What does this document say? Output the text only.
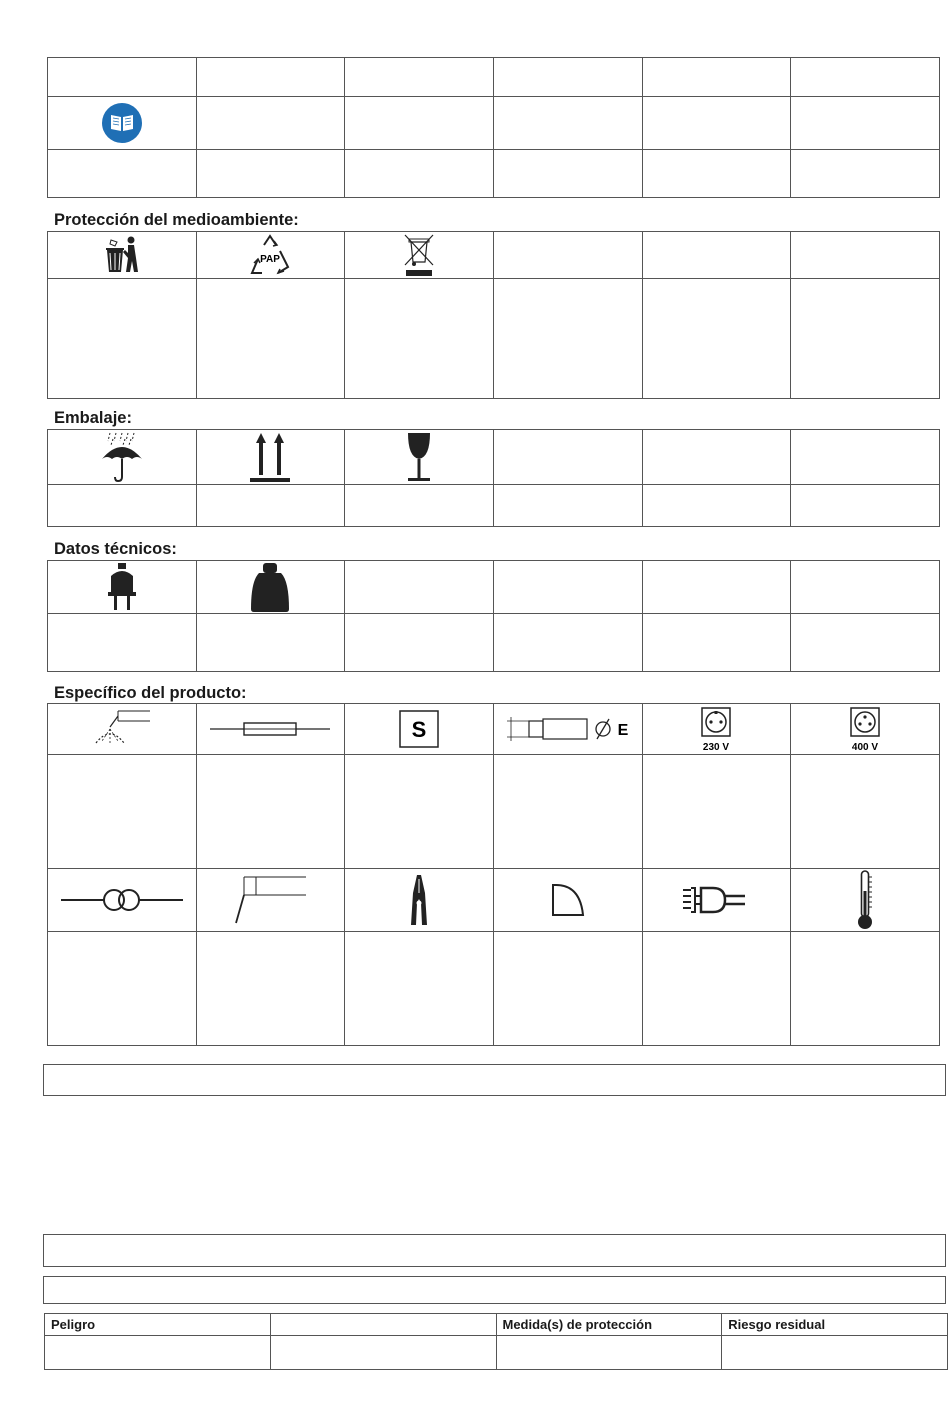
Protección del medioambiente:

PAP

Embalaje:

Datos técnicos:

Específico del producto:

S	E	230 V	400 V

Peligro		Medida(s) de protección	Riesgo residual
